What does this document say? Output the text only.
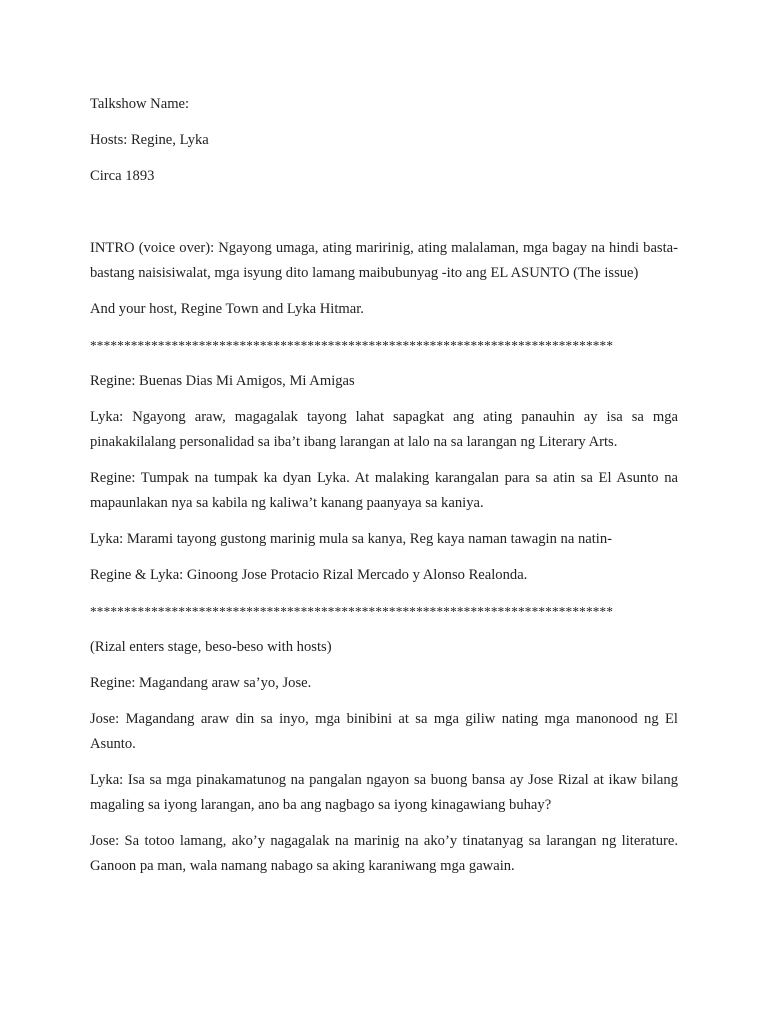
Talkshow Name:

Hosts: Regine, Lyka

Circa 1893

INTRO (voice over): Ngayong umaga, ating maririnig, ating malalaman, mga bagay na hindi basta-bastang naisisiwalat, mga isyung dito lamang maibubunyag -ito ang EL ASUNTO (The issue)

And your host, Regine Town and Lyka Hitmar.

*****************************************************************************

Regine: Buenas Dias Mi Amigos, Mi Amigas

Lyka: Ngayong araw, magagalak tayong lahat sapagkat ang ating panauhin ay isa sa mga pinakakilalang personalidad sa iba’t ibang larangan at lalo na sa larangan ng Literary Arts.

Regine: Tumpak na tumpak ka dyan Lyka. At malaking karangalan para sa atin sa El Asunto na mapaunlakan nya sa kabila ng kaliwa’t kanang paanyaya sa kaniya.

Lyka: Marami tayong gustong marinig mula sa kanya, Reg kaya naman tawagin na natin-

Regine & Lyka: Ginoong Jose Protacio Rizal Mercado y Alonso Realonda.

*****************************************************************************

(Rizal enters stage, beso-beso with hosts)

Regine: Magandang araw sa’yo, Jose.

Jose: Magandang araw din sa inyo, mga binibini at sa mga giliw nating mga manonood ng El Asunto.

Lyka: Isa sa mga pinakamatunog na pangalan ngayon sa buong bansa ay Jose Rizal at ikaw bilang magaling sa iyong larangan, ano ba ang nagbago sa iyong kinagawiang buhay?

Jose: Sa totoo lamang, ako’y nagagalak na marinig na ako’y tinatanyag sa larangan ng literature. Ganoon pa man, wala namang nabago sa aking karaniwang mga gawain.
